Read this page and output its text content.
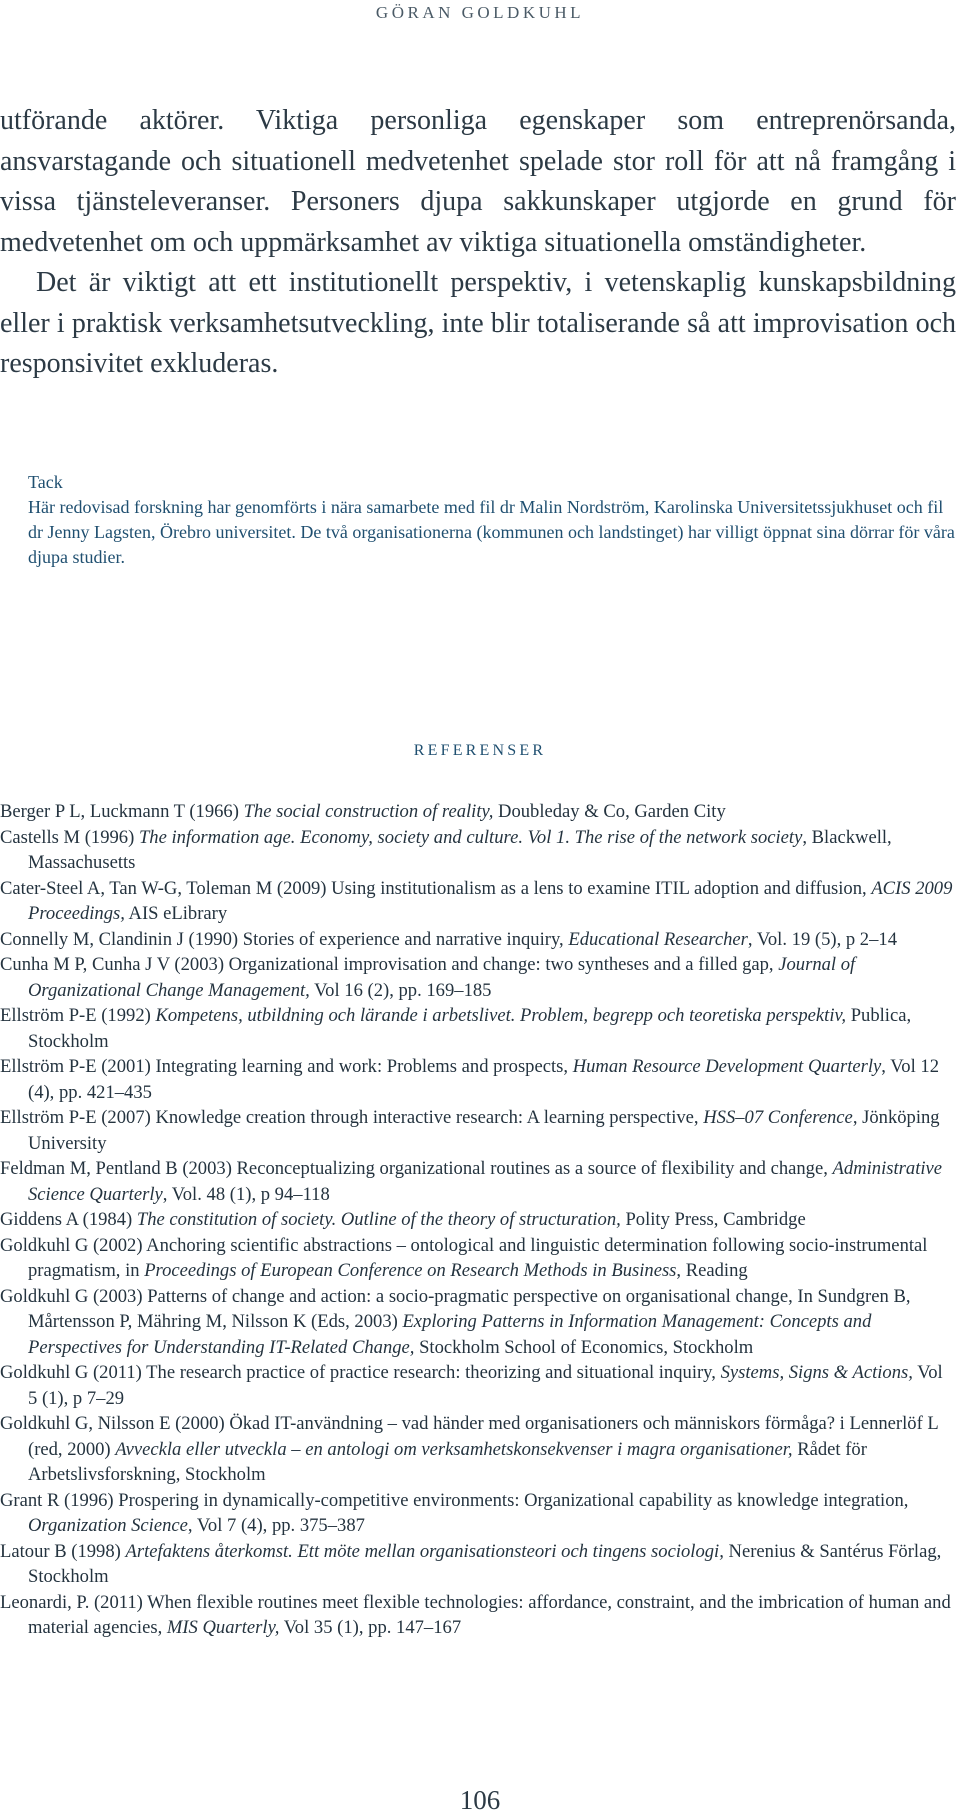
GÖRAN GOLDKUHL

utförande aktörer. Viktiga personliga egenskaper som entreprenörsanda, ansvarstagande och situationell medvetenhet spelade stor roll för att nå framgång i vissa tjänsteleveranser. Personers djupa sakkunskaper utgjorde en grund för medvetenhet om och uppmärksamhet av viktiga situationella omständigheter.

Det är viktigt att ett institutionellt perspektiv, i vetenskaplig kunskapsbildning eller i praktisk verksamhetsutveckling, inte blir totaliserande så att improvisation och responsivitet exkluderas.

Tack

Här redovisad forskning har genomförts i nära samarbete med fil dr Malin Nordström, Karolinska Universitetssjukhuset och fil dr Jenny Lagsten, Örebro universitet. De två organisationerna (kommunen och landstinget) har villigt öppnat sina dörrar för våra djupa studier.

REFERENSER

Berger P L, Luckmann T (1966) The social construction of reality, Doubleday & Co, Garden City

Castells M (1996) The information age. Economy, society and culture. Vol 1. The rise of the network society, Blackwell, Massachusetts

Cater-Steel A, Tan W-G, Toleman M (2009) Using institutionalism as a lens to examine ITIL adoption and diffusion, ACIS 2009 Proceedings, AIS eLibrary

Connelly M, Clandinin J (1990) Stories of experience and narrative inquiry, Educational Researcher, Vol. 19 (5), p 2–14

Cunha M P, Cunha J V (2003) Organizational improvisation and change: two syntheses and a filled gap, Journal of Organizational Change Management, Vol 16 (2), pp. 169–185

Ellström P-E (1992) Kompetens, utbildning och lärande i arbetslivet. Problem, begrepp och teoretiska perspektiv, Publica, Stockholm

Ellström P-E (2001) Integrating learning and work: Problems and prospects, Human Resource Development Quarterly, Vol 12 (4), pp. 421–435

Ellström P-E (2007) Knowledge creation through interactive research: A learning perspective, HSS–07 Conference, Jönköping University

Feldman M, Pentland B (2003) Reconceptualizing organizational routines as a source of flexibility and change, Administrative Science Quarterly, Vol. 48 (1), p 94–118

Giddens A (1984) The constitution of society. Outline of the theory of structuration, Polity Press, Cambridge

Goldkuhl G (2002) Anchoring scientific abstractions – ontological and linguistic determination following socio-instrumental pragmatism, in Proceedings of European Conference on Research Methods in Business, Reading

Goldkuhl G (2003) Patterns of change and action: a socio-pragmatic perspective on organisational change, In Sundgren B, Mårtensson P, Mähring M, Nilsson K (Eds, 2003) Exploring Patterns in Information Management: Concepts and Perspectives for Understanding IT-Related Change, Stockholm School of Economics, Stockholm

Goldkuhl G (2011) The research practice of practice research: theorizing and situational inquiry, Systems, Signs & Actions, Vol 5 (1), p 7–29

Goldkuhl G, Nilsson E (2000) Ökad IT-användning – vad händer med organisationers och människors förmåga? i Lennerlöf L (red, 2000) Avveckla eller utveckla – en antologi om verksamhetskonsekvenser i magra organisationer, Rådet för Arbetslivsforskning, Stockholm

Grant R (1996) Prospering in dynamically-competitive environments: Organizational capability as knowledge integration, Organization Science, Vol 7 (4), pp. 375–387

Latour B (1998) Artefaktens återkomst. Ett möte mellan organisationsteori och tingens sociologi, Nerenius & Santérus Förlag, Stockholm

Leonardi, P. (2011) When flexible routines meet flexible technologies: affordance, constraint, and the imbrication of human and material agencies, MIS Quarterly, Vol 35 (1), pp. 147–167

106
